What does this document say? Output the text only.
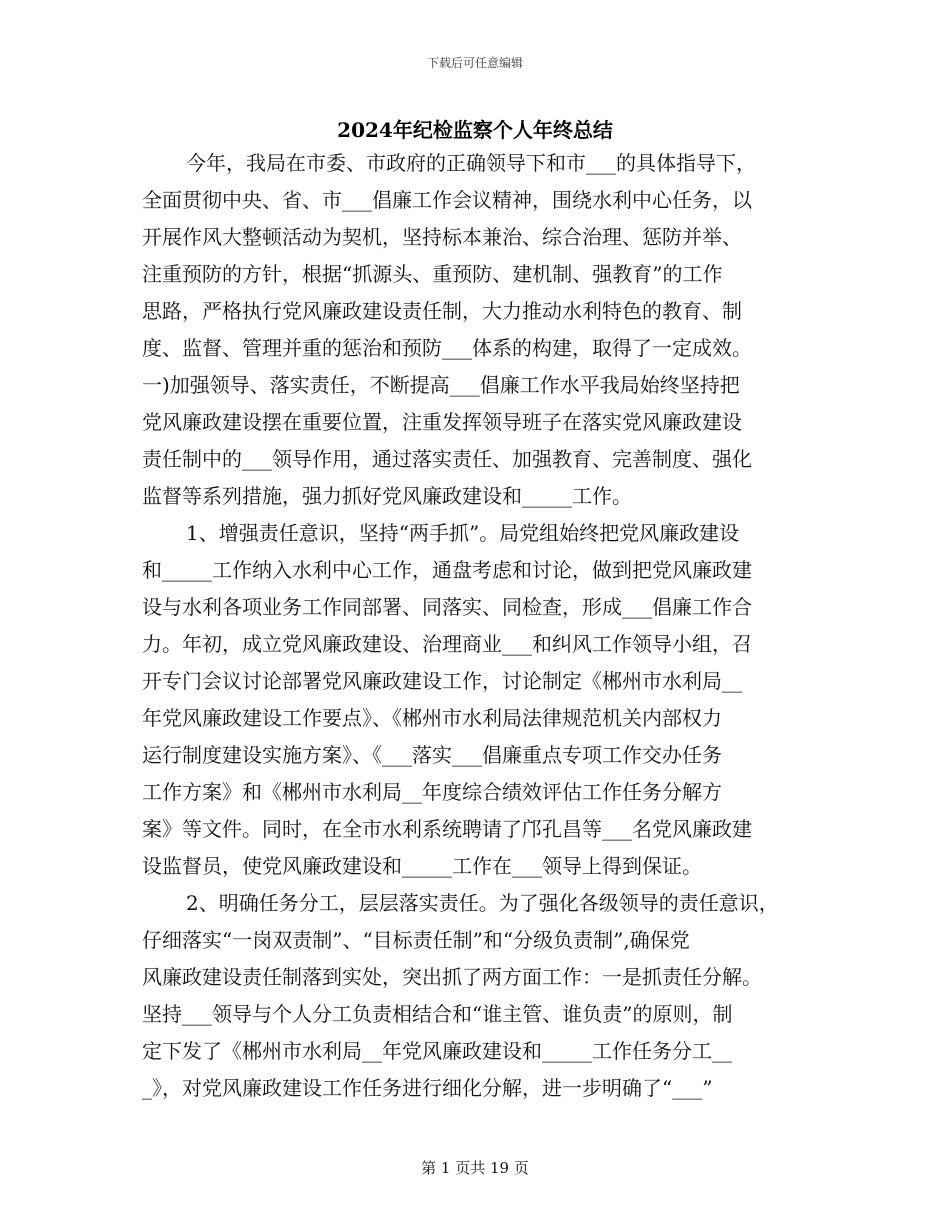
下载后可任意编辑
2024年纪检监察个人年终总结
今年，我局在市委、市政府的正确领导下和市___的具体指导下，
全面贯彻中央、省、市___倡廉工作会议精神，围绕水利中心任务，以
开展作风大整顿活动为契机，坚持标本兼治、综合治理、惩防并举、
注重预防的方针，根据“抓源头、重预防、建机制、强教育”的工作
思路，严格执行党风廉政建设责任制，大力推动水利特色的教育、制
度、监督、管理并重的惩治和预防___体系的构建，取得了一定成效。
一)加强领导、落实责任，不断提高___倡廉工作水平我局始终坚持把
党风廉政建设摆在重要位置，注重发挥领导班子在落实党风廉政建设
责任制中的___领导作用，通过落实责任、加强教育、完善制度、强化
监督等系列措施，强力抓好党风廉政建设和_____工作。
1、增强责任意识，坚持“两手抓”。局党组始终把党风廉政建设
和_____工作纳入水利中心工作，通盘考虑和讨论，做到把党风廉政建
设与水利各项业务工作同部署、同落实、同检查，形成___倡廉工作合
力。年初，成立党风廉政建设、治理商业___和纠风工作领导小组，召
开专门会议讨论部署党风廉政建设工作，讨论制定《郴州市水利局__
年党风廉政建设工作要点》、《郴州市水利局法律规范机关内部权力
运行制度建设实施方案》、《___落实___倡廉重点专项工作交办任务
工作方案》和《郴州市水利局__年度综合绩效评估工作任务分解方
案》等文件。同时，在全市水利系统聘请了邝孔昌等___名党风廉政建
设监督员，使党风廉政建设和_____工作在___领导上得到保证。
2、明确任务分工，层层落实责任。为了强化各级领导的责任意识，
仔细落实“一岗双责制”、“目标责任制”和“分级负责制”,确保党
风廉政建设责任制落到实处，突出抓了两方面工作：一是抓责任分解。
坚持___领导与个人分工负责相结合和“谁主管、谁负责”的原则，制
定下发了《郴州市水利局__年党风廉政建设和_____工作任务分工__
_》，对党风廉政建设工作任务进行细化分解，进一步明确了“___”
第 1 页共 19 页
